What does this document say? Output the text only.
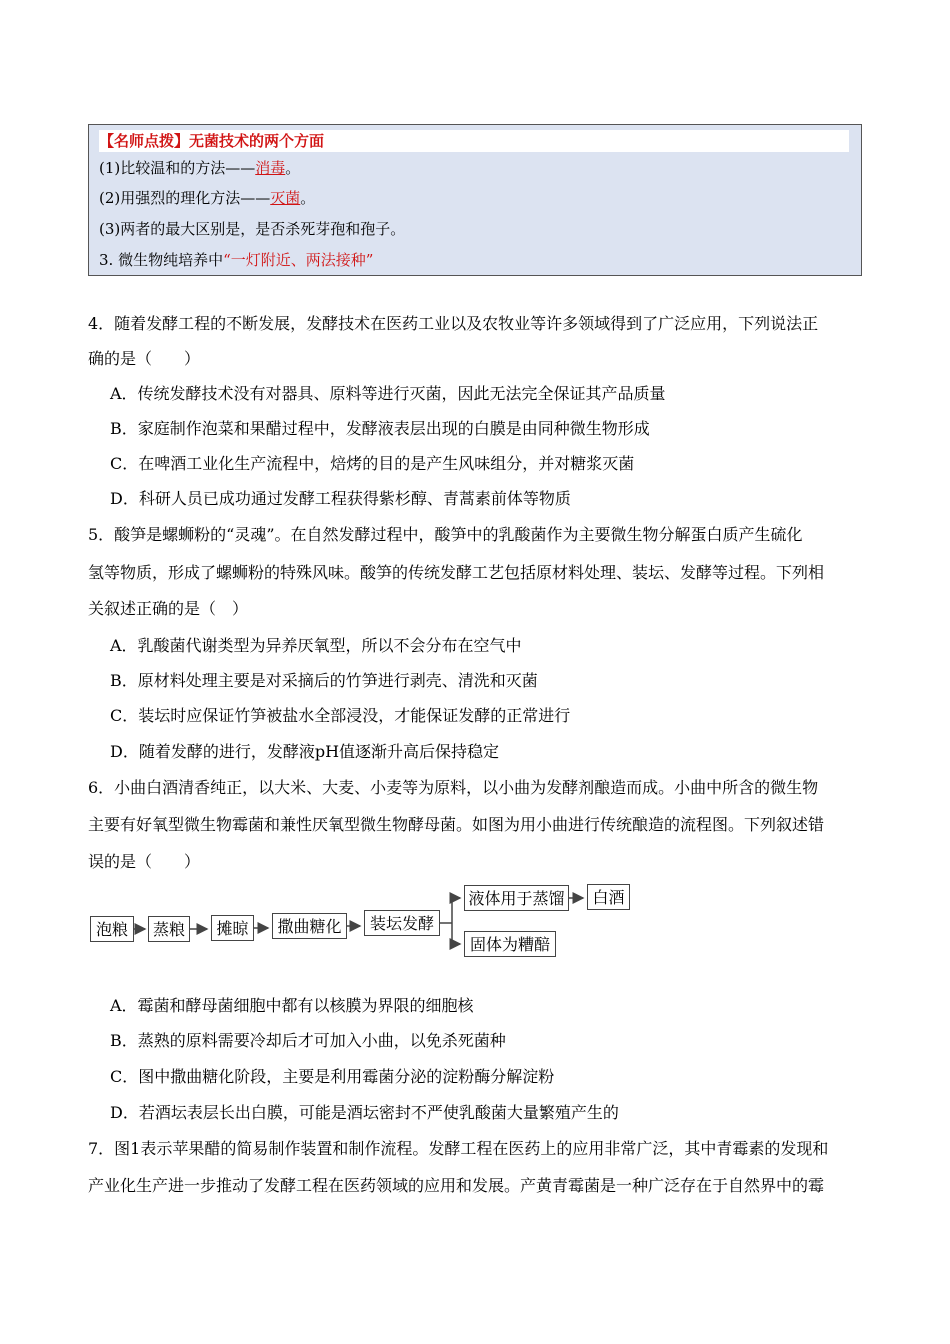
【名师点拨】无菌技术的两个方面
(1)比较温和的方法——消毒。
(2)用强烈的理化方法——灭菌。
(3)两者的最大区别是，是否杀死芽孢和孢子。
3. 微生物纯培养中“一灯附近、两法接种”
4．随着发酵工程的不断发展，发酵技术在医药工业以及农牧业等许多领域得到了广泛应用，下列说法正
确的是（　　）
A．传统发酵技术没有对器具、原料等进行灭菌，因此无法完全保证其产品质量
B．家庭制作泡菜和果醋过程中，发酵液表层出现的白膜是由同种微生物形成
C．在啤酒工业化生产流程中，焙烤的目的是产生风味组分，并对糖浆灭菌
D．科研人员已成功通过发酵工程获得紫杉醇、青蒿素前体等物质
5．酸笋是螺蛳粉的“灵魂”。在自然发酵过程中，酸笋中的乳酸菌作为主要微生物分解蛋白质产生硫化
氢等物质，形成了螺蛳粉的特殊风味。酸笋的传统发酵工艺包括原材料处理、装坛、发酵等过程。下列相
关叙述正确的是（　）
A．乳酸菌代谢类型为异养厌氧型，所以不会分布在空气中
B．原材料处理主要是对采摘后的竹笋进行剥壳、清洗和灭菌
C．装坛时应保证竹笋被盐水全部浸没，才能保证发酵的正常进行
D．随着发酵的进行，发酵液pH值逐渐升高后保持稳定
6．小曲白酒清香纯正，以大米、大麦、小麦等为原料，以小曲为发酵剂酿造而成。小曲中所含的微生物
主要有好氧型微生物霉菌和兼性厌氧型微生物酵母菌。如图为用小曲进行传统酿造的流程图。下列叙述错
误的是（　　）
泡粮	蒸粮	摊晾	撒曲糖化	装坛发酵
液体用于蒸馏	白酒
固体为糟醅
A．霉菌和酵母菌细胞中都有以核膜为界限的细胞核
B．蒸熟的原料需要冷却后才可加入小曲，以免杀死菌种
C．图中撒曲糖化阶段，主要是利用霉菌分泌的淀粉酶分解淀粉
D．若酒坛表层长出白膜，可能是酒坛密封不严使乳酸菌大量繁殖产生的
7．图1表示苹果醋的简易制作装置和制作流程。发酵工程在医药上的应用非常广泛，其中青霉素的发现和
产业化生产进一步推动了发酵工程在医药领域的应用和发展。产黄青霉菌是一种广泛存在于自然界中的霉
